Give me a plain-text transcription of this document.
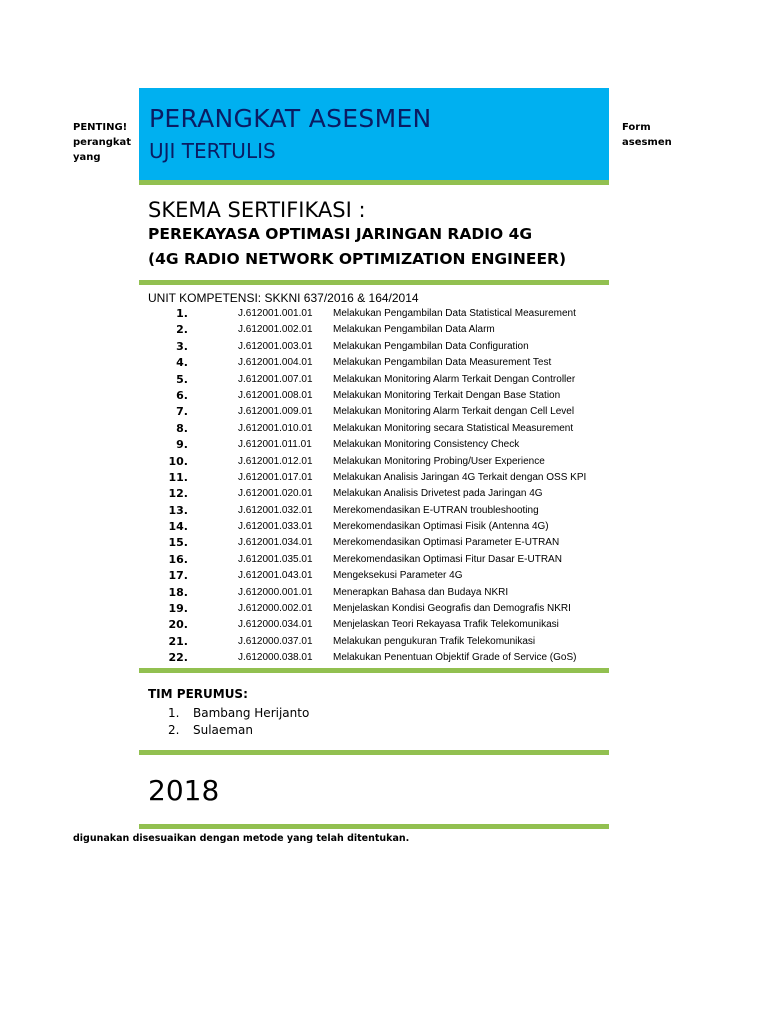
PENTING!
perangkat
yang
Form
asesmen
PERANGKAT ASESMEN
UJI TERTULIS
SKEMA SERTIFIKASI :
PEREKAYASA OPTIMASI JARINGAN RADIO 4G
(4G RADIO NETWORK OPTIMIZATION ENGINEER)
UNIT KOMPETENSI: SKKNI 637/2016 & 164/2014
1.	J.612001.001.01 Melakukan Pengambilan Data Statistical Measurement
2.	J.612001.002.01 Melakukan Pengambilan Data Alarm
3.	J.612001.003.01 Melakukan Pengambilan Data Configuration
4.	J.612001.004.01 Melakukan Pengambilan Data Measurement Test
5.	J.612001.007.01 Melakukan Monitoring Alarm Terkait Dengan Controller
6.	J.612001.008.01 Melakukan Monitoring Terkait Dengan Base Station
7.	J.612001.009.01 Melakukan Monitoring Alarm Terkait dengan Cell Level
8.	J.612001.010.01 Melakukan Monitoring secara Statistical Measurement
9.	J.612001.011.01 Melakukan Monitoring Consistency Check
10.	J.612001.012.01 Melakukan Monitoring Probing/User Experience
11.	J.612001.017.01 Melakukan Analisis Jaringan 4G Terkait dengan OSS KPI
12.	J.612001.020.01 Melakukan Analisis Drivetest pada Jaringan 4G
13.	J.612001.032.01 Merekomendasikan E-UTRAN troubleshooting
14.	J.612001.033.01 Merekomendasikan Optimasi Fisik (Antenna 4G)
15.	J.612001.034.01 Merekomendasikan Optimasi Parameter E-UTRAN
16.	J.612001.035.01 Merekomendasikan Optimasi Fitur Dasar E-UTRAN
17.	J.612001.043.01 Mengeksekusi Parameter 4G
18.	J.612000.001.01 Menerapkan Bahasa dan Budaya NKRI
19.	J.612000.002.01 Menjelaskan Kondisi Geografis dan Demografis NKRI
20.	J.612000.034.01 Menjelaskan Teori Rekayasa Trafik Telekomunikasi
21.	J.612000.037.01 Melakukan pengukuran Trafik Telekomunikasi
22.	J.612000.038.01 Melakukan Penentuan Objektif Grade of Service (GoS)
TIM PERUMUS:
1. Bambang Herijanto
2. Sulaeman
2018
digunakan disesuaikan dengan metode yang telah ditentukan.
